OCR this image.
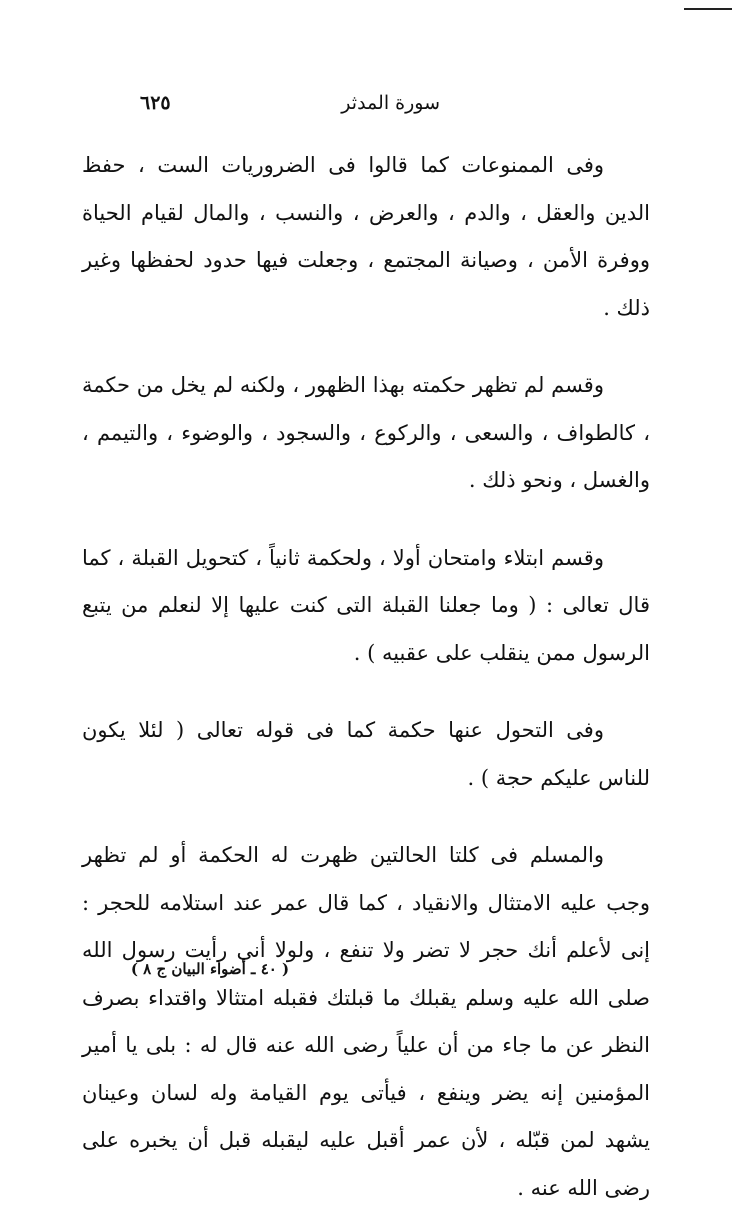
سورة المدثر
٦٢٥

وفى الممنوعات كما قالوا فى الضروريات الست ، حفظ الدين والعقل ، والدم ، والعرض ، والنسب ، والمال لقيام الحياة ووفرة الأمن ، وصيانة المجتمع ، وجعلت فيها حدود لحفظها وغير ذلك .

وقسم لم تظهر حكمته بهذا الظهور ، ولكنه لم يخل من حكمة ، كالطواف ، والسعى ، والركوع ، والسجود ، والوضوء ، والتيمم ، والغسل ، ونحو ذلك .

وقسم ابتلاء وامتحان أولا ، ولحكمة ثانياً ، كتحويل القبلة ، كما قال تعالى : ( وما جعلنا القبلة التى كنت عليها إلا لنعلم من يتبع الرسول ممن ينقلب على عقبيه ) .

وفى التحول عنها حكمة كما فى قوله تعالى ( لئلا يكون للناس عليكم حجة ) .

والمسلم فى كلتا الحالتين ظهرت له الحكمة أو لم تظهر وجب عليه الامتثال والانقياد ، كما قال عمر عند استلامه للحجر : إنى لأعلم أنك حجر لا تضر ولا تنفع ، ولولا أنى رأيت رسول الله صلى الله عليه وسلم يقبلك ما قبلتك فقبله امتثالا واقتداء بصرف النظر عن ما جاء من أن علياً رضى الله عنه قال له : بلى يا أمير المؤمنين إنه يضر وينفع ، فيأتى يوم القيامة وله لسان وعينان يشهد لمن قبّله ، لأن عمر أقبل عليه ليقبله قبل أن يخبره على رضى الله عنه .

( ٤٠ ـ أضواء البيان ج ٨ )
